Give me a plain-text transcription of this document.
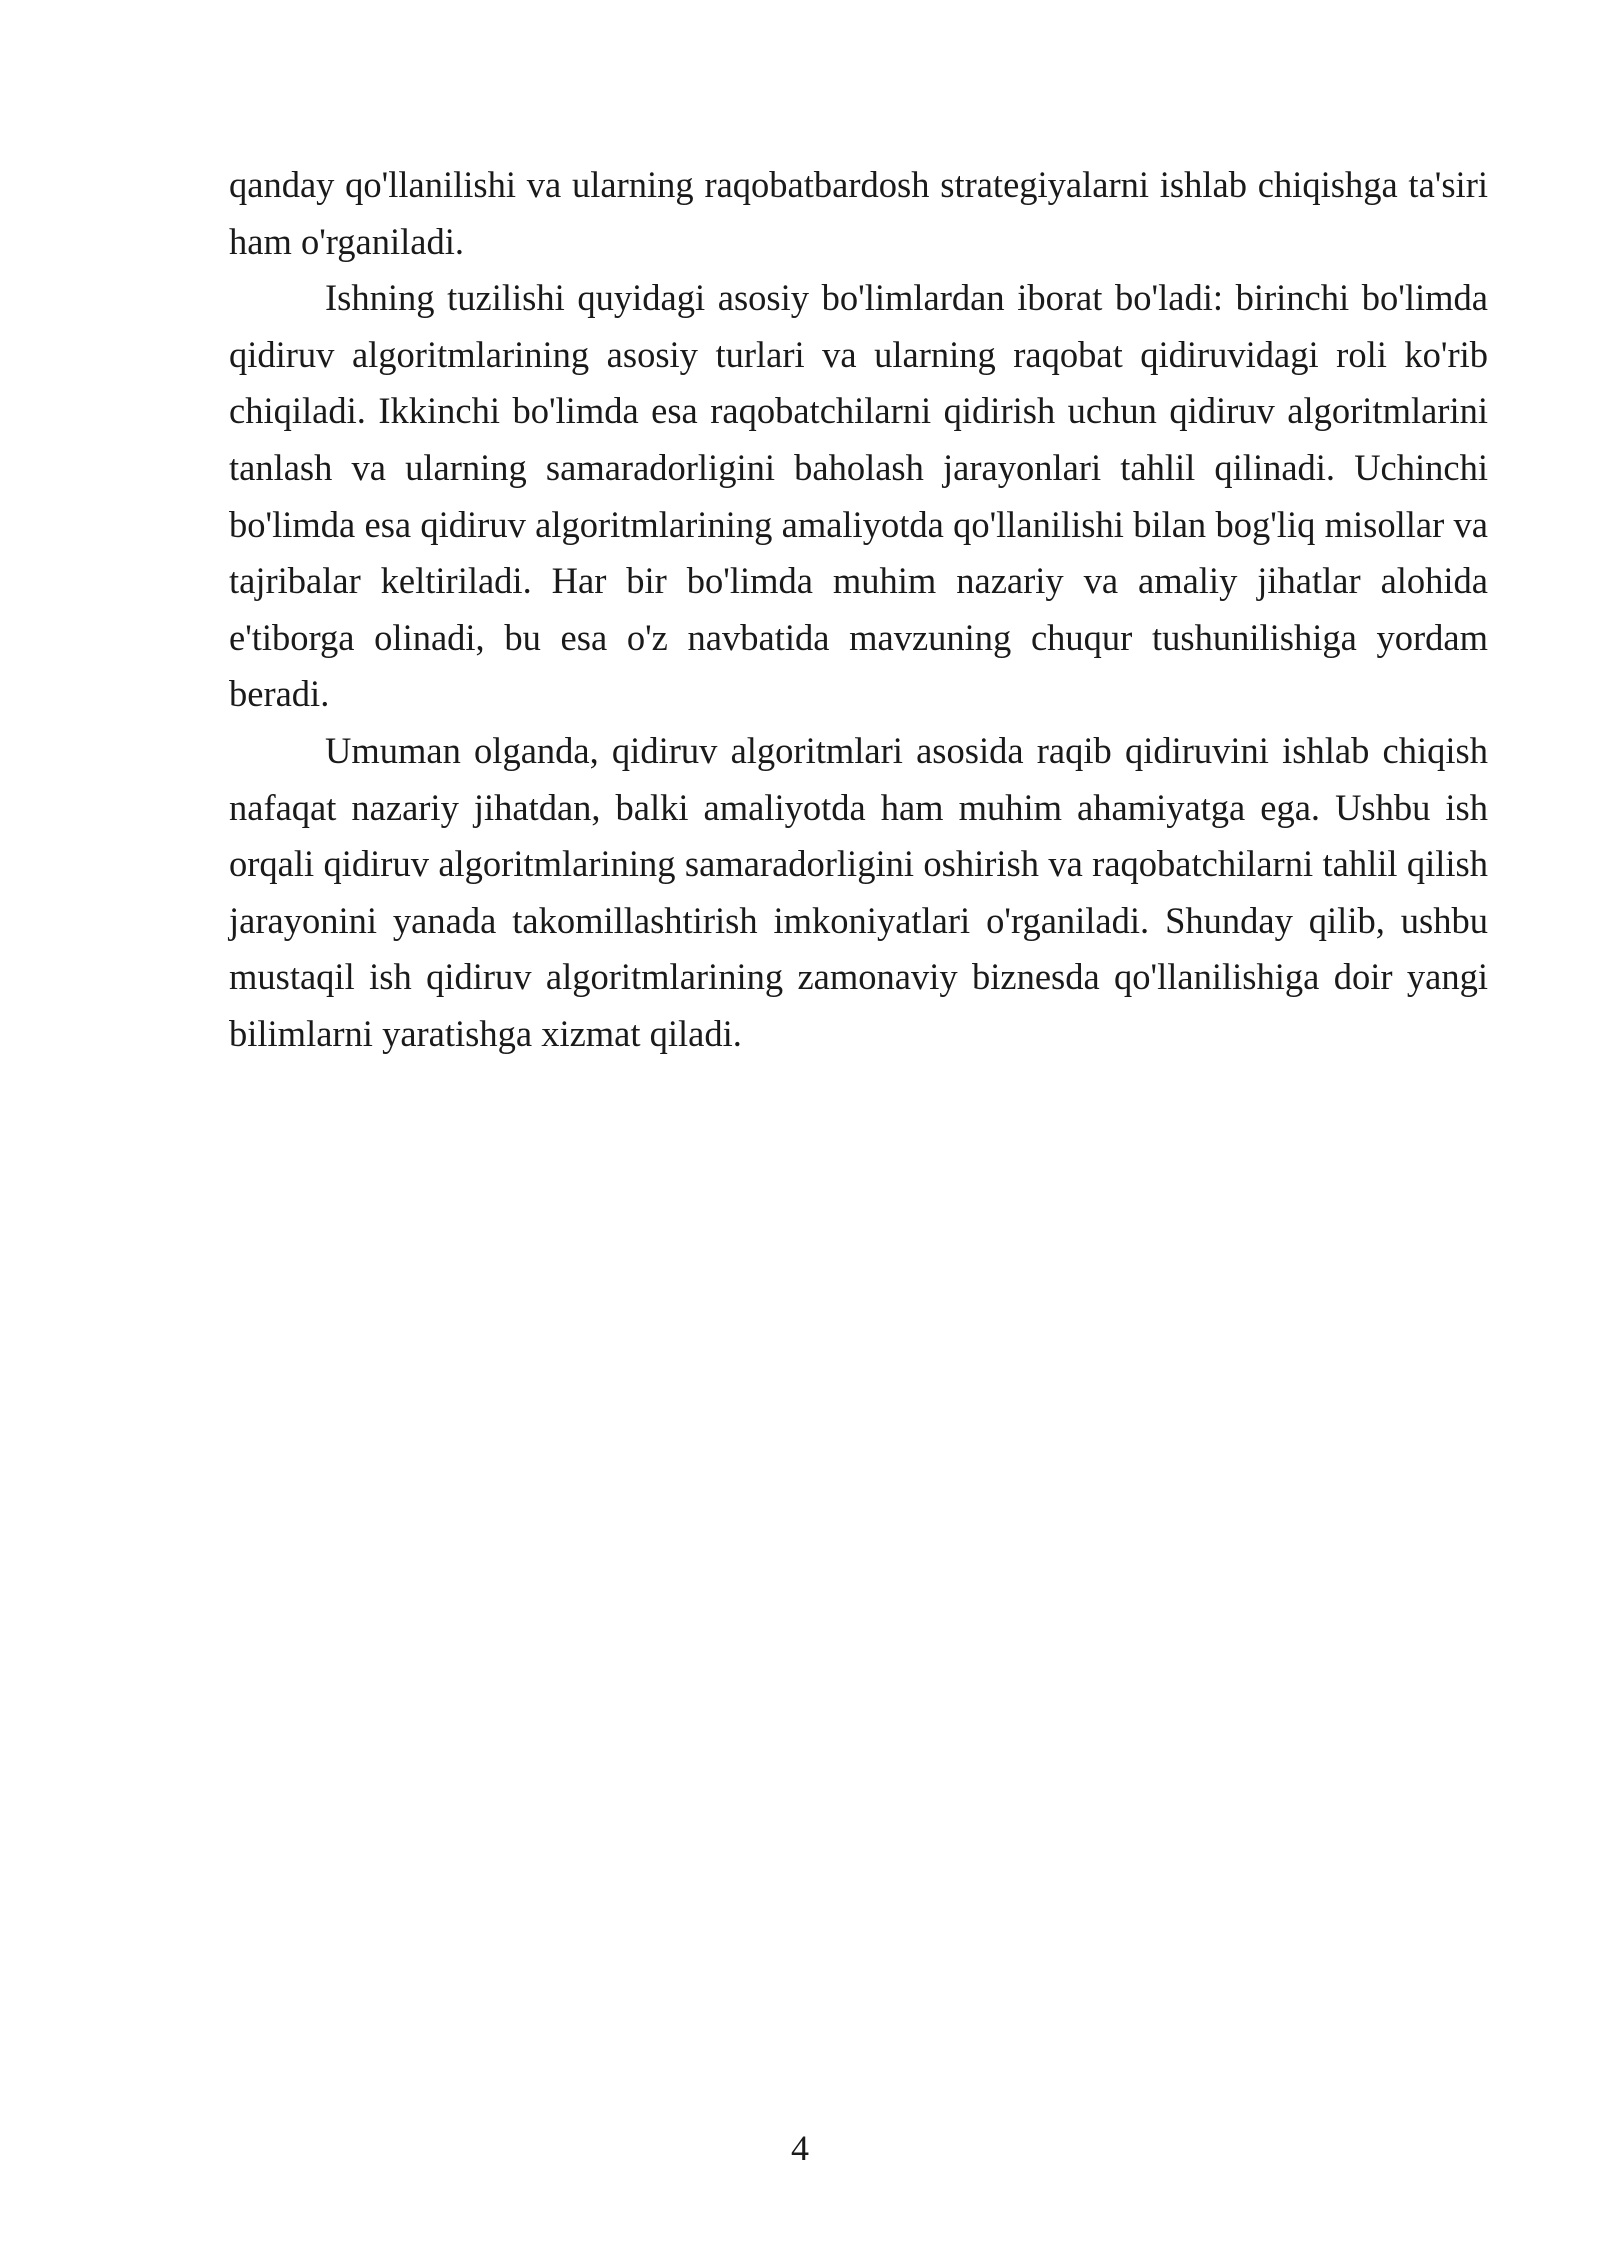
qanday qo'llanilishi va ularning raqobatbardosh strategiyalarni ishlab chiqishga ta'siri ham o'rganiladi.

Ishning tuzilishi quyidagi asosiy bo'limlardan iborat bo'ladi: birinchi bo'limda qidiruv algoritmlarining asosiy turlari va ularning raqobat qidiruvidagi roli ko'rib chiqiladi. Ikkinchi bo'limda esa raqobatchilarni qidirish uchun qidiruv algoritmlarini tanlash va ularning samaradorligini baholash jarayonlari tahlil qilinadi. Uchinchi bo'limda esa qidiruv algoritmlarining amaliyotda qo'llanilishi bilan bog'liq misollar va tajribalar keltiriladi. Har bir bo'limda muhim nazariy va amaliy jihatlar alohida e'tiborga olinadi, bu esa o'z navbatida mavzuning chuqur tushunilishiga yordam beradi.

Umuman olganda, qidiruv algoritmlari asosida raqib qidiruvini ishlab chiqish nafaqat nazariy jihatdan, balki amaliyotda ham muhim ahamiyatga ega. Ushbu ish orqali qidiruv algoritmlarining samaradorligini oshirish va raqobatchilarni tahlil qilish jarayonini yanada takomillashtirish imkoniyatlari o'rganiladi. Shunday qilib, ushbu mustaqil ish qidiruv algoritmlarining zamonaviy biznesda qo'llanilishiga doir yangi bilimlarni yaratishga xizmat qiladi.

4
